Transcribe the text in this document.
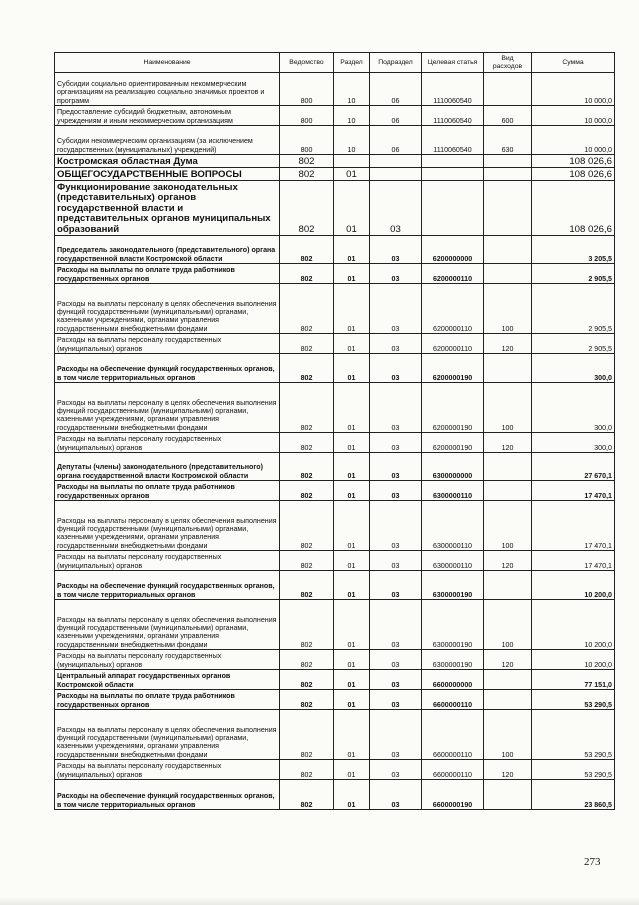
Наименование	Ведомство	Раздел	Подраздел	Целевая статья	Вид расходов	Сумма
Субсидии социально ориентированным некоммерческим организациям на реализацию социально значимых проектов и программ	800	10	06	1110060540		10 000,0
Предоставление субсидий бюджетным, автономным учреждениям и иным некоммерческим организациям	800	10	06	1110060540	600	10 000,0
Субсидии некоммерческим организациям (за исключением государственных (муниципальных) учреждений)	800	10	06	1110060540	630	10 000,0
Костромская областная Дума	802					108 026,6
ОБЩЕГОСУДАРСТВЕННЫЕ ВОПРОСЫ	802	01				108 026,6
Функционирование законодательных (представительных) органов государственной власти и представительных органов муниципальных образований	802	01	03			108 026,6
Председатель законодательного (представительного) органа государственной власти Костромской области	802	01	03	6200000000		3 205,5
Расходы на выплаты по оплате труда работников государственных органов	802	01	03	6200000110		2 905,5
Расходы на выплаты персоналу в целях обеспечения выполнения функций государственными (муниципальными) органами, казенными учреждениями, органами управления государственными внебюджетными фондами	802	01	03	6200000110	100	2 905,5
Расходы на выплаты персоналу государственных (муниципальных) органов	802	01	03	6200000110	120	2 905,5
Расходы на обеспечение функций государственных органов, в том числе территориальных органов	802	01	03	6200000190		300,0
Расходы на выплаты персоналу в целях обеспечения выполнения функций государственными (муниципальными) органами, казенными учреждениями, органами управления государственными внебюджетными фондами	802	01	03	6200000190	100	300,0
Расходы на выплаты персоналу государственных (муниципальных) органов	802	01	03	6200000190	120	300,0
Депутаты (члены) законодательного (представительного) органа государственной власти Костромской области	802	01	03	6300000000		27 670,1
Расходы на выплаты по оплате труда работников государственных органов	802	01	03	6300000110		17 470,1
Расходы на выплаты персоналу в целях обеспечения выполнения функций государственными (муниципальными) органами, казенными учреждениями, органами управления государственными внебюджетными фондами	802	01	03	6300000110	100	17 470,1
Расходы на выплаты персоналу государственных (муниципальных) органов	802	01	03	6300000110	120	17 470,1
Расходы на обеспечение функций государственных органов, в том числе территориальных органов	802	01	03	6300000190		10 200,0
Расходы на выплаты персоналу в целях обеспечения выполнения функций государственными (муниципальными) органами, казенными учреждениями, органами управления государственными внебюджетными фондами	802	01	03	6300000190	100	10 200,0
Расходы на выплаты персоналу государственных (муниципальных) органов	802	01	03	6300000190	120	10 200,0
Центральный аппарат государственных органов Костромской области	802	01	03	6600000000		77 151,0
Расходы на выплаты по оплате труда работников государственных органов	802	01	03	6600000110		53 290,5
Расходы на выплаты персоналу в целях обеспечения выполнения функций государственными (муниципальными) органами, казенными учреждениями, органами управления государственными внебюджетными фондами	802	01	03	6600000110	100	53 290,5
Расходы на выплаты персоналу государственных (муниципальных) органов	802	01	03	6600000110	120	53 290,5
Расходы на обеспечение функций государственных органов, в том числе территориальных органов	802	01	03	6600000190		23 860,5
273
